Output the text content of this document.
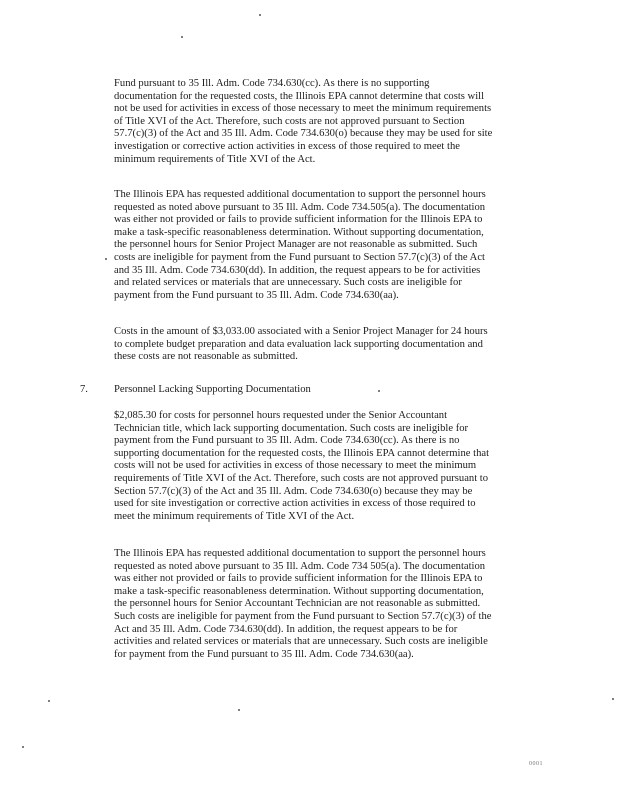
Fund pursuant to 35 Ill. Adm. Code 734.630(cc). As there is no supporting
documentation for the requested costs, the Illinois EPA cannot determine that costs will
not be used for activities in excess of those necessary to meet the minimum requirements
of Title XVI of the Act. Therefore, such costs are not approved pursuant to Section
57.7(c)(3) of the Act and 35 Ill. Adm. Code 734.630(o) because they may be used for site
investigation or corrective action activities in excess of those required to meet the
minimum requirements of Title XVI of the Act.

The Illinois EPA has requested additional documentation to support the personnel hours
requested as noted above pursuant to 35 Ill. Adm. Code 734.505(a). The documentation
was either not provided or fails to provide sufficient information for the Illinois EPA to
make a task-specific reasonableness determination. Without supporting documentation,
the personnel hours for Senior Project Manager are not reasonable as submitted. Such
costs are ineligible for payment from the Fund pursuant to Section 57.7(c)(3) of the Act
and 35 Ill. Adm. Code 734.630(dd). In addition, the request appears to be for activities
and related services or materials that are unnecessary. Such costs are ineligible for
payment from the Fund pursuant to 35 Ill. Adm. Code 734.630(aa).

Costs in the amount of $3,033.00 associated with a Senior Project Manager for 24 hours
to complete budget preparation and data evaluation lack supporting documentation and
these costs are not reasonable as submitted.

7. Personnel Lacking Supporting Documentation

$2,085.30 for costs for personnel hours requested under the Senior Accountant
Technician title, which lack supporting documentation. Such costs are ineligible for
payment from the Fund pursuant to 35 Ill. Adm. Code 734.630(cc). As there is no
supporting documentation for the requested costs, the Illinois EPA cannot determine that
costs will not be used for activities in excess of those necessary to meet the minimum
requirements of Title XVI of the Act. Therefore, such costs are not approved pursuant to
Section 57.7(c)(3) of the Act and 35 Ill. Adm. Code 734.630(o) because they may be
used for site investigation or corrective action activities in excess of those required to
meet the minimum requirements of Title XVI of the Act.

The Illinois EPA has requested additional documentation to support the personnel hours
requested as noted above pursuant to 35 Ill. Adm. Code 734 505(a). The documentation
was either not provided or fails to provide sufficient information for the Illinois EPA to
make a task-specific reasonableness determination. Without supporting documentation,
the personnel hours for Senior Accountant Technician are not reasonable as submitted.
Such costs are ineligible for payment from the Fund pursuant to Section 57.7(c)(3) of the
Act and 35 Ill. Adm. Code 734.630(dd). In addition, the request appears to be for
activities and related services or materials that are unnecessary. Such costs are ineligible
for payment from the Fund pursuant to 35 Ill. Adm. Code 734.630(aa).

0001
